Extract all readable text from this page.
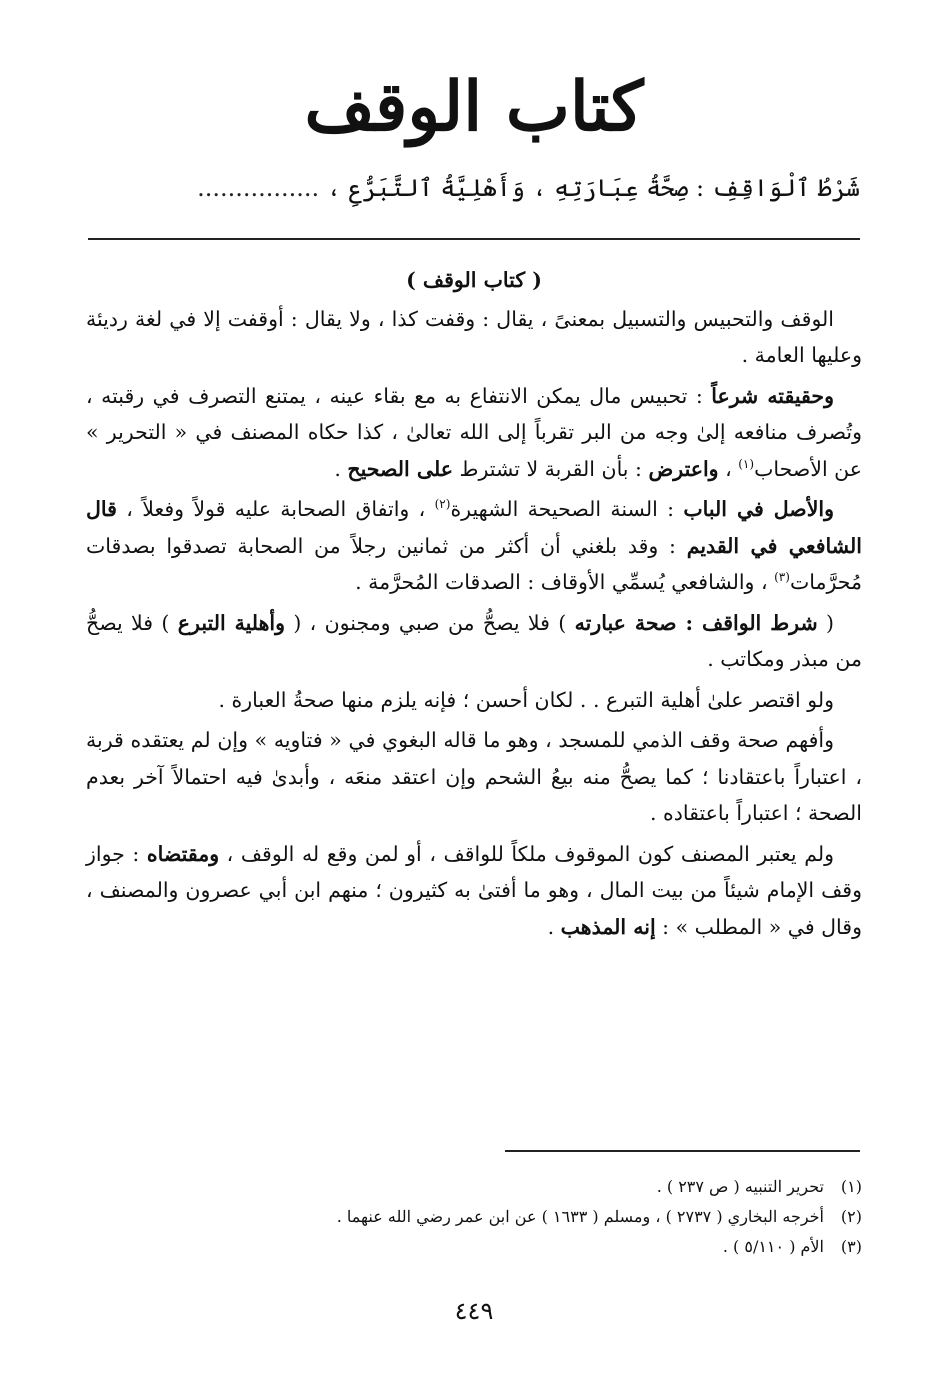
كتاب الوقف
شَرْطُ ٱلْوَاقِفِ : صِحَّةُ عِبَارَتِهِ ، وَأَهْلِيَّةُ ٱلتَّبَرُّعِ ، ................

( كتاب الوقف )

الوقف والتحبيس والتسبيل بمعنىً ، يقال : وقفت كذا ، ولا يقال : أوقفت إلا في لغة رديئة وعليها العامة .

وحقيقته شرعاً : تحبيس مال يمكن الانتفاع به مع بقاء عينه ، يمتنع التصرف في رقبته ، وتُصرف منافعه إلىٰ وجه من البر تقرباً إلى الله تعالىٰ ، كذا حكاه المصنف في « التحرير » عن الأصحاب$^{(١)}$ ، واعترض : بأن القربة لا تشترط على الصحيح .

والأصل في الباب : السنة الصحيحة الشهيرة$^{(٢)}$ ، واتفاق الصحابة عليه قولاً وفعلاً ، قال الشافعي في القديم : وقد بلغني أن أكثر من ثمانين رجلاً من الصحابة تصدقوا بصدقات مُحرَّمات$^{(٣)}$ ، والشافعي يُسمِّي الأوقاف : الصدقات المُحرَّمة .

( شرط الواقف : صحة عبارته ) فلا يصحُّ من صبي ومجنون ، ( وأهلية التبرع ) فلا يصحُّ من مبذر ومكاتب .

ولو اقتصر علىٰ أهلية التبرع . . لكان أحسن ؛ فإنه يلزم منها صحةُ العبارة .

وأفهم صحة وقف الذمي للمسجد ، وهو ما قاله البغوي في « فتاويه » وإن لم يعتقده قربة ، اعتباراً باعتقادنا ؛ كما يصحُّ منه بيعُ الشحم وإن اعتقد منعَه ، وأبدىٰ فيه احتمالاً آخر بعدم الصحة ؛ اعتباراً باعتقاده .

ولم يعتبر المصنف كون الموقوف ملكاً للواقف ، أو لمن وقع له الوقف ، ومقتضاه : جواز وقف الإمام شيئاً من بيت المال ، وهو ما أفتىٰ به كثيرون ؛ منهم ابن أبي عصرون والمصنف ، وقال في « المطلب » : إنه المذهب .

(١)تحرير التنبيه ( ص ٢٣٧ ) .
(٢)أخرجه البخاري ( ٢٧٣٧ ) ، ومسلم ( ١٦٣٣ ) عن ابن عمر رضي الله عنهما .
(٣)الأم ( ٥/١١٠ ) .
٤٤٩
